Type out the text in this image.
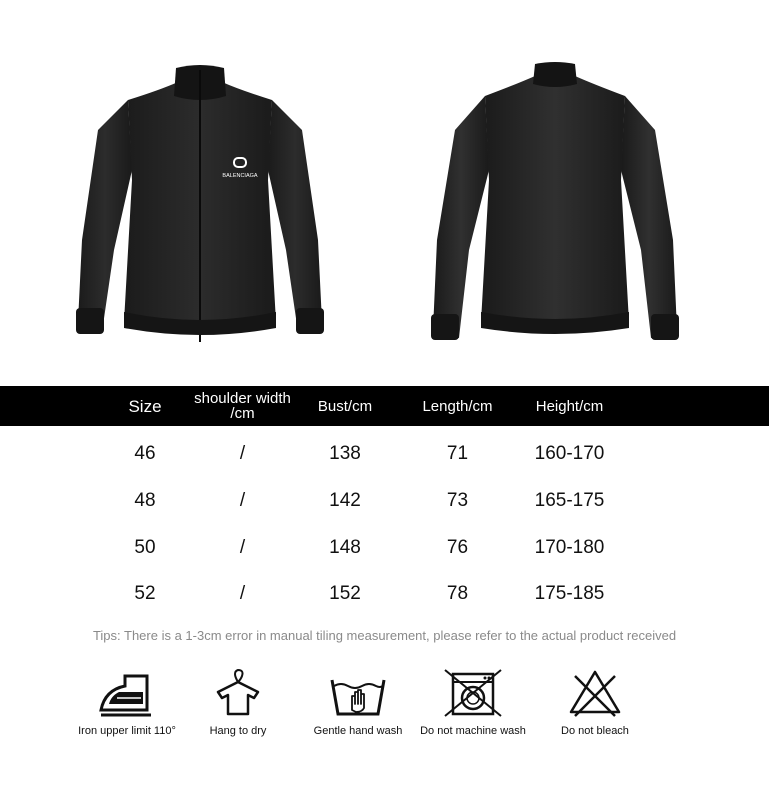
BALENCIAGA
Size	shoulder width /cm	Bust/cm	Length/cm	Height/cm
46	/	138	71	160-170
48	/	142	73	165-175
50	/	148	76	170-180
52	/	152	78	175-185
Tips: There is a 1-3cm error in manual tiling measurement, please refer to the actual product received
Iron upper limit 110°	Hang to dry	Gentle hand wash	Do not machine wash	Do not bleach
